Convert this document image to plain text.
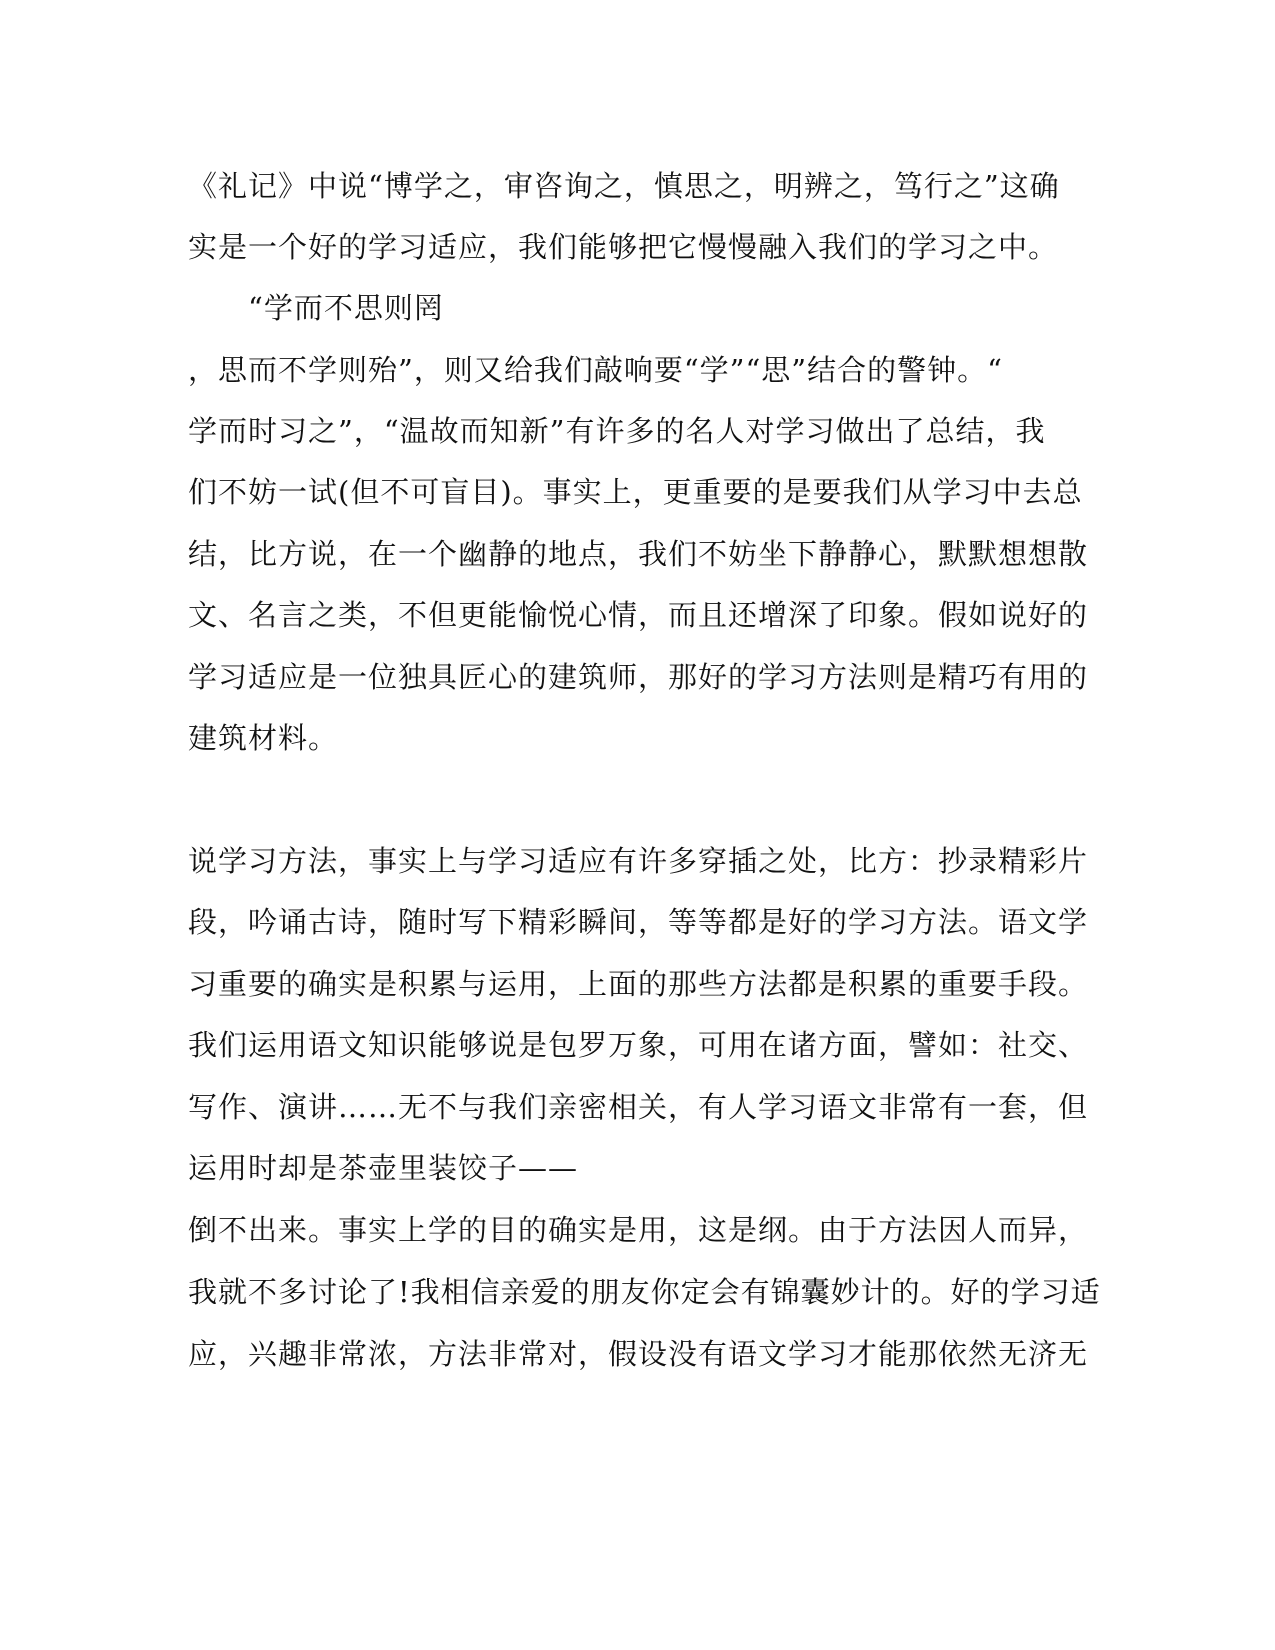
《礼记》中说“博学之，审咨询之，慎思之，明辨之，笃行之”这确

实是一个好的学习适应，我们能够把它慢慢融入我们的学习之中。

“学而不思则罔

，思而不学则殆”，则又给我们敲响要“学”“思”结合的警钟。“

学而时习之”，“温故而知新”有许多的名人对学习做出了总结，我

们不妨一试(但不可盲目)。事实上，更重要的是要我们从学习中去总

结，比方说，在一个幽静的地点，我们不妨坐下静静心，默默想想散

文、名言之类，不但更能愉悦心情，而且还增深了印象。假如说好的

学习适应是一位独具匠心的建筑师，那好的学习方法则是精巧有用的

建筑材料。

说学习方法，事实上与学习适应有许多穿插之处，比方：抄录精彩片

段，吟诵古诗，随时写下精彩瞬间，等等都是好的学习方法。语文学

习重要的确实是积累与运用，上面的那些方法都是积累的重要手段。

我们运用语文知识能够说是包罗万象，可用在诸方面，譬如：社交、

写作、演讲……无不与我们亲密相关，有人学习语文非常有一套，但

运用时却是茶壶里装饺子——

倒不出来。事实上学的目的确实是用，这是纲。由于方法因人而异，

我就不多讨论了!我相信亲爱的朋友你定会有锦囊妙计的。好的学习适

应，兴趣非常浓，方法非常对，假设没有语文学习才能那依然无济无
